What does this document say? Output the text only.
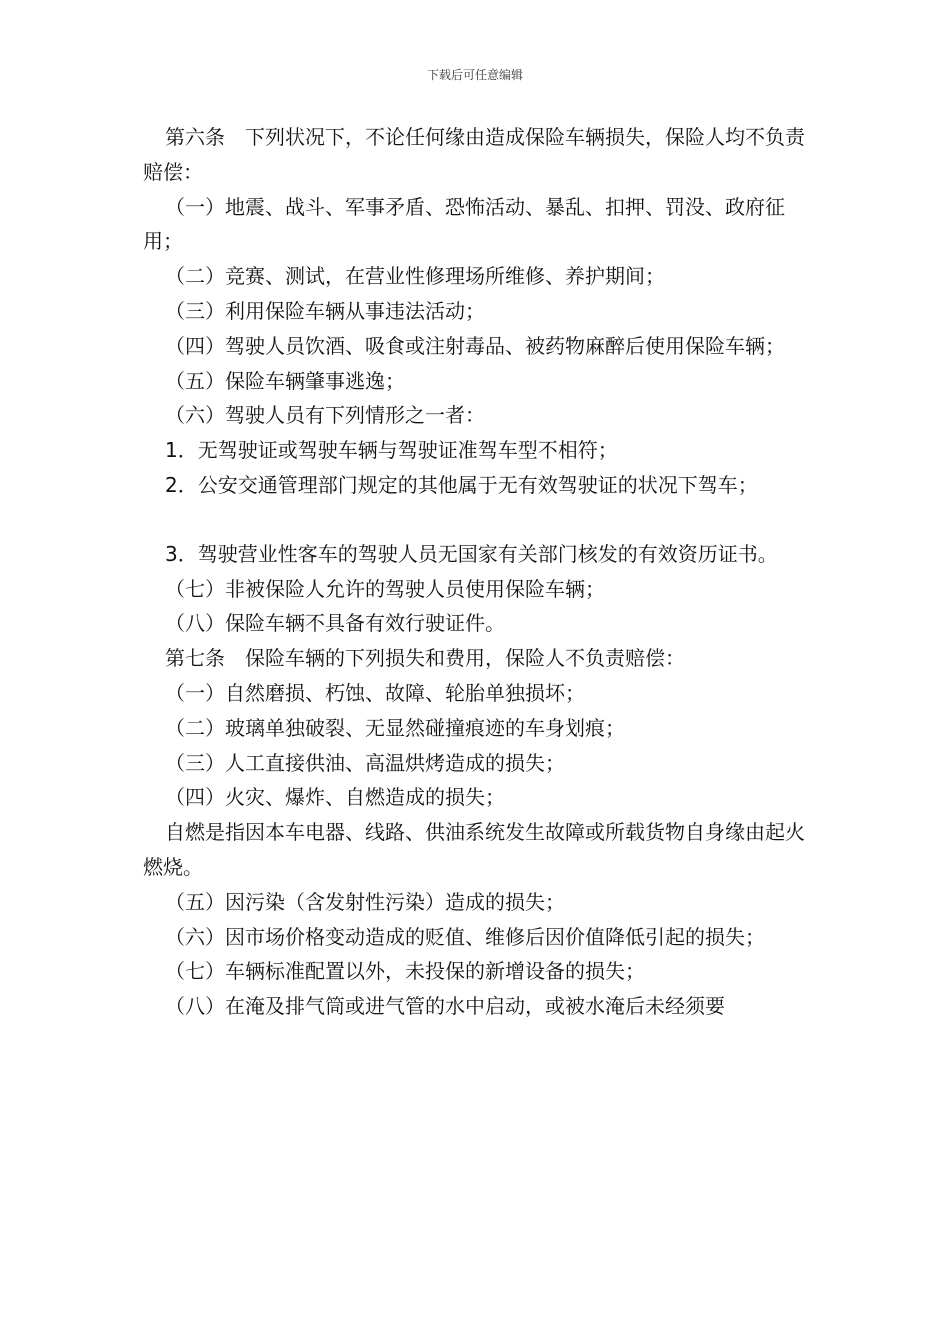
下载后可任意编辑

第六条　下列状况下，不论任何缘由造成保险车辆损失，保险人均不负责赔偿：

（一）地震、战斗、军事矛盾、恐怖活动、暴乱、扣押、罚没、政府征用；

（二）竞赛、测试，在营业性修理场所维修、养护期间；

（三）利用保险车辆从事违法活动；

（四）驾驶人员饮酒、吸食或注射毒品、被药物麻醉后使用保险车辆；

（五）保险车辆肇事逃逸；

（六）驾驶人员有下列情形之一者：

1．无驾驶证或驾驶车辆与驾驶证准驾车型不相符；

2．公安交通管理部门规定的其他属于无有效驾驶证的状况下驾车；

3．驾驶营业性客车的驾驶人员无国家有关部门核发的有效资历证书。

（七）非被保险人允许的驾驶人员使用保险车辆；

（八）保险车辆不具备有效行驶证件。

第七条　保险车辆的下列损失和费用，保险人不负责赔偿：

（一）自然磨损、朽蚀、故障、轮胎单独损坏；

（二）玻璃单独破裂、无显然碰撞痕迹的车身划痕；

（三）人工直接供油、高温烘烤造成的损失；

（四）火灾、爆炸、自燃造成的损失；

自燃是指因本车电器、线路、供油系统发生故障或所载货物自身缘由起火燃烧。

（五）因污染（含发射性污染）造成的损失；

（六）因市场价格变动造成的贬值、维修后因价值降低引起的损失；

（七）车辆标准配置以外，未投保的新增设备的损失；

（八）在淹及排气筒或进气管的水中启动，或被水淹后未经须要
